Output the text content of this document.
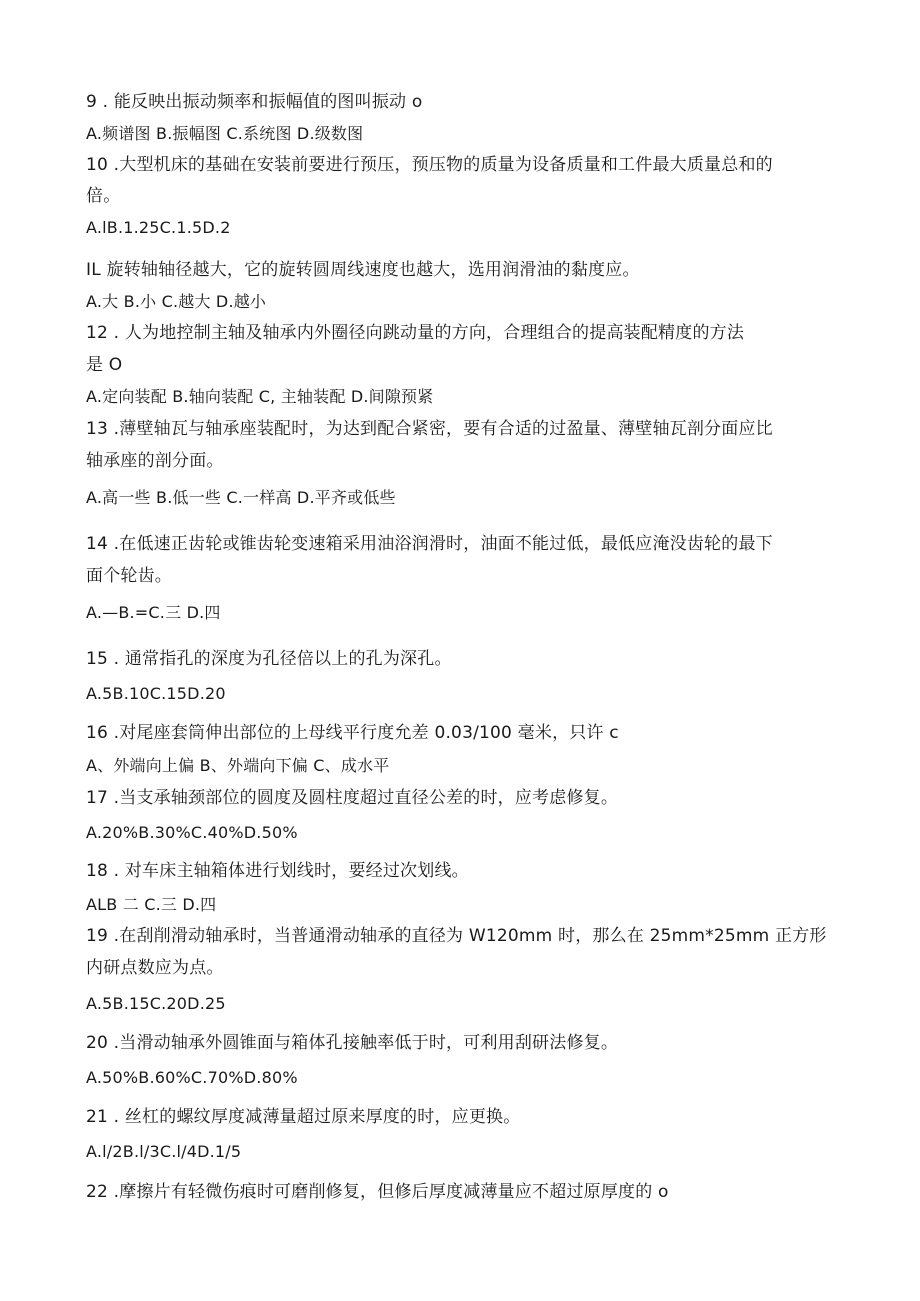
9 . 能反映出振动频率和振幅值的图叫振动 o
A.频谱图 B.振幅图 C.系统图 D.级数图
10 .大型机床的基础在安装前要进行预压，预压物的质量为设备质量和工件最大质量总和的
倍。
A.lB.1.25C.1.5D.2
IL 旋转轴轴径越大，它的旋转圆周线速度也越大，选用润滑油的黏度应。
A.大 B.小 C.越大 D.越小
12 . 人为地控制主轴及轴承内外圈径向跳动量的方向，合理组合的提高装配精度的方法
是 O
A.定向装配 B.轴向装配 C, 主轴装配 D.间隙预紧
13 .薄壁轴瓦与轴承座装配时，为达到配合紧密，要有合适的过盈量、薄壁轴瓦剖分面应比
轴承座的剖分面。
A.高一些 B.低一些 C.一样高 D.平齐或低些
14 .在低速正齿轮或锥齿轮变速箱采用油浴润滑时，油面不能过低，最低应淹没齿轮的最下
面个轮齿。
A.—B.=C.三 D.四
15 . 通常指孔的深度为孔径倍以上的孔为深孔。
A.5B.10C.15D.20
16 .对尾座套筒伸出部位的上母线平行度允差 0.03/100 毫米，只许 c
A、外端向上偏 B、外端向下偏 C、成水平
17 .当支承轴颈部位的圆度及圆柱度超过直径公差的时，应考虑修复。
A.20%B.30%C.40%D.50%
18 . 对车床主轴箱体进行划线时，要经过次划线。
ALB 二 C.三 D.四
19 .在刮削滑动轴承时，当普通滑动轴承的直径为 W120mm 时，那么在 25mm*25mm 正方形
内研点数应为点。
A.5B.15C.20D.25
20 .当滑动轴承外圆锥面与箱体孔接触率低于时，可利用刮研法修复。
A.50%B.60%C.70%D.80%
21 . 丝杠的螺纹厚度减薄量超过原来厚度的时，应更换。
A.l/2B.l/3C.l/4D.1/5
22 .摩擦片有轻微伤痕时可磨削修复，但修后厚度减薄量应不超过原厚度的 o
